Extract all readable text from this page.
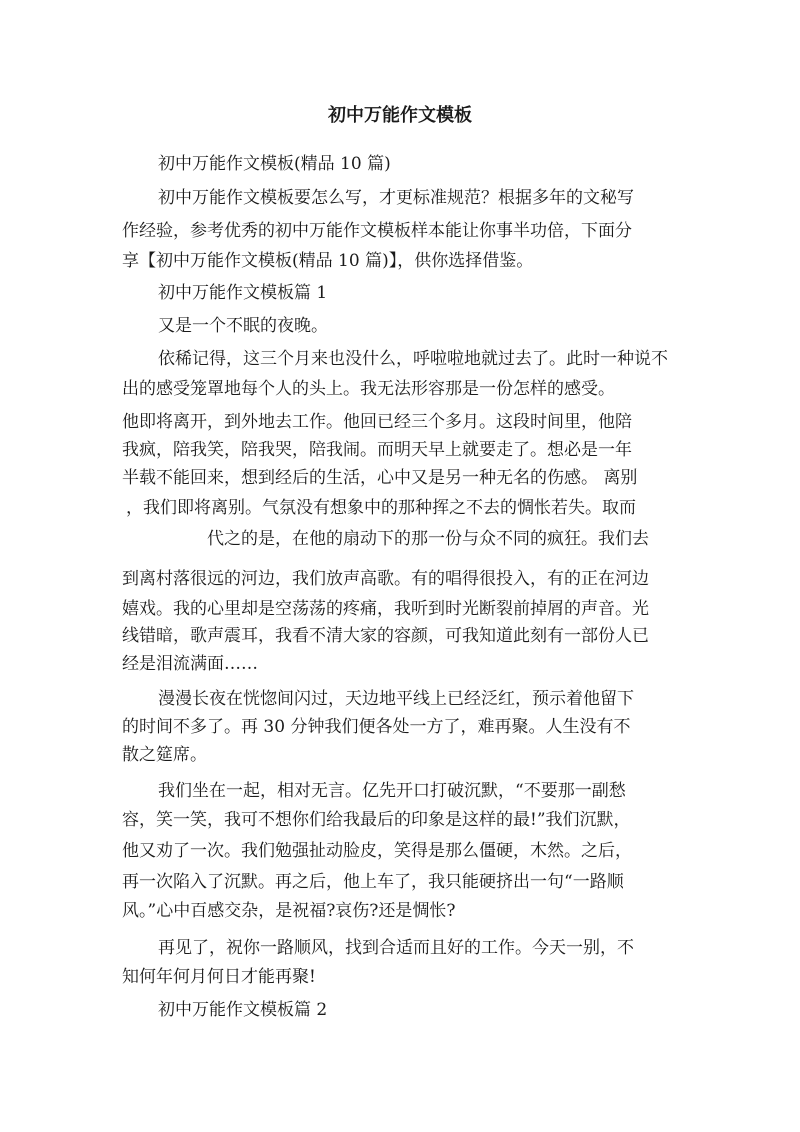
初中万能作文模板

初中万能作文模板(精品 10 篇)

初中万能作文模板要怎么写，才更标准规范？根据多年的文秘写

作经验，参考优秀的初中万能作文模板样本能让你事半功倍，下面分

享【初中万能作文模板(精品 10 篇)】，供你选择借鉴。

初中万能作文模板篇 1

又是一个不眠的夜晚。

依稀记得，这三个月来也没什么，呼啦啦地就过去了。此时一种说不

出的感受笼罩地每个人的头上。我无法形容那是一份怎样的感受。

他即将离开，到外地去工作。他回已经三个多月。这段时间里，他陪

我疯，陪我笑，陪我哭，陪我闹。而明天早上就要走了。想必是一年

半载不能回来，想到经后的生活，心中又是另一种无名的伤感。 离别

，我们即将离别。气氛没有想象中的那种挥之不去的惆怅若失。取而

代之的是，在他的扇动下的那一份与众不同的疯狂。我们去

到离村落很远的河边，我们放声高歌。有的唱得很投入，有的正在河边

嬉戏。我的心里却是空荡荡的疼痛，我听到时光断裂前掉屑的声音。光

线错暗，歌声震耳，我看不清大家的容颜，可我知道此刻有一部份人已

经是泪流满面……

漫漫长夜在恍惚间闪过，天边地平线上已经泛红，预示着他留下

的时间不多了。再 30 分钟我们便各处一方了，难再聚。人生没有不

散之筵席。

我们坐在一起，相对无言。亿先开口打破沉默，“不要那一副愁

容，笑一笑，我可不想你们给我最后的印象是这样的最!”我们沉默，

他又劝了一次。我们勉强扯动脸皮，笑得是那么僵硬，木然。之后，

再一次陷入了沉默。再之后，他上车了，我只能硬挤出一句“一路顺

风。”心中百感交杂，是祝福?哀伤?还是惆怅?

再见了，祝你一路顺风，找到合适而且好的工作。今天一别，不

知何年何月何日才能再聚!

初中万能作文模板篇 2
